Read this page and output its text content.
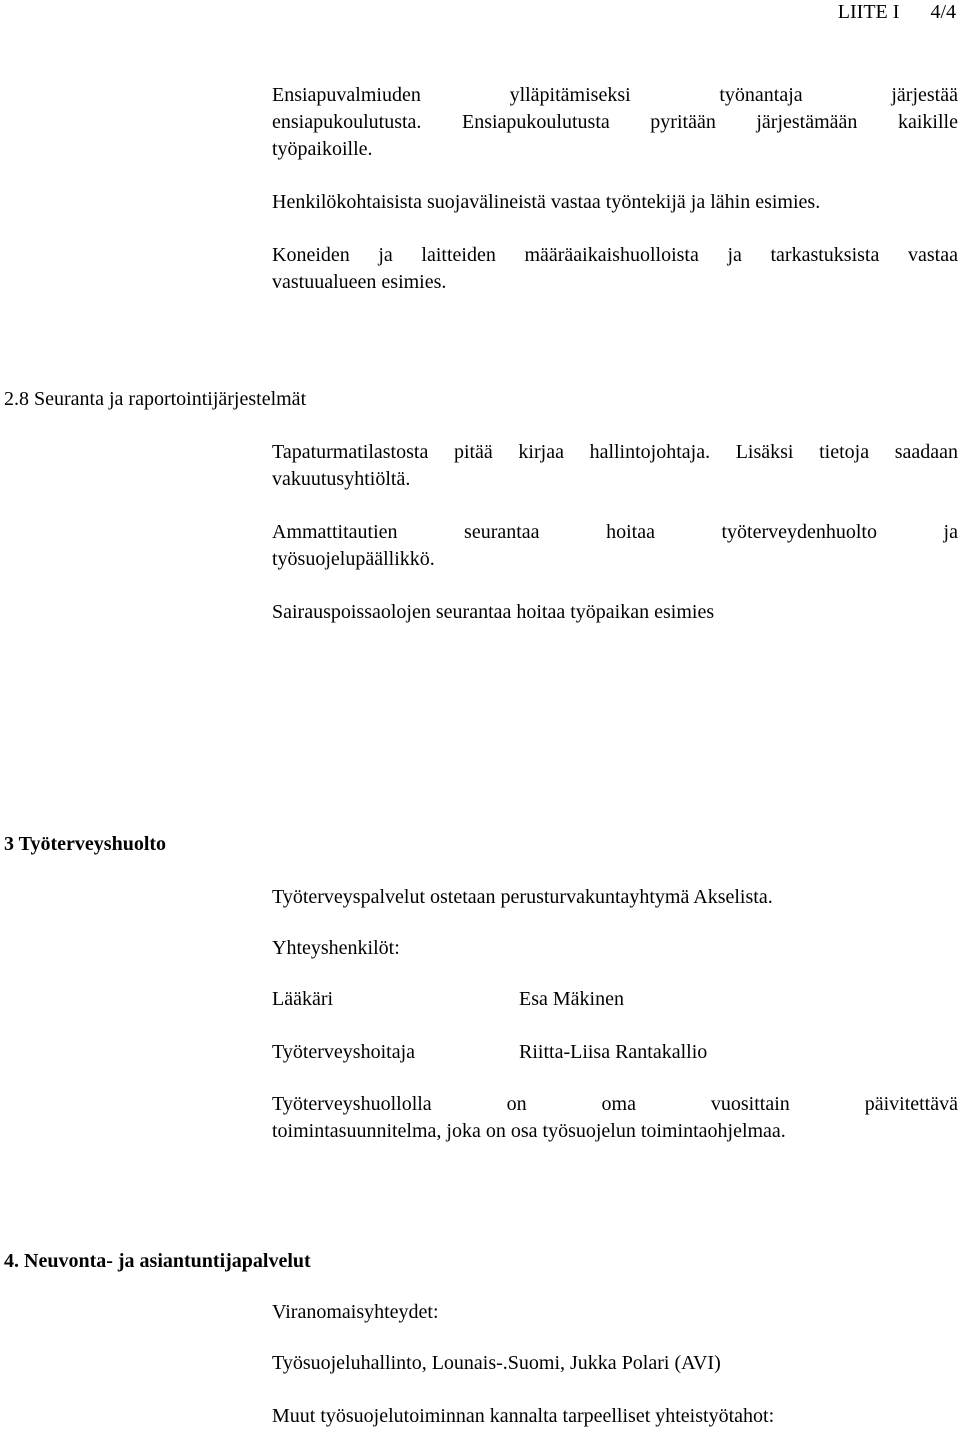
LIITE I 4/4
Ensiapuvalmiuden	ylläpitämiseksi	työnantaja	järjestää
ensiapukoulutusta. Ensiapukoulutusta pyritään järjestämään kaikille
työpaikoille.
Henkilökohtaisista suojavälineistä vastaa työntekijä ja lähin esimies.
Koneiden ja laitteiden määräaikaishuolloista ja tarkastuksista vastaa
vastuualueen esimies.
2.8 Seuranta ja raportointijärjestelmät
Tapaturmatilastosta pitää kirjaa hallintojohtaja. Lisäksi tietoja saadaan
vakuutusyhtiöltä.
Ammattitautien	seurantaa	hoitaa	työterveydenhuolto	ja
työsuojelupäällikkö.
Sairauspoissaolojen seurantaa hoitaa työpaikan esimies
3 Työterveyshuolto
Työterveyspalvelut ostetaan perusturvakuntayhtymä Akselista.
Yhteyshenkilöt:
Lääkäri	Esa Mäkinen
Työterveyshoitaja	Riitta-Liisa Rantakallio
Työterveyshuollolla	on	oma	vuosittain	päivitettävä
toimintasuunnitelma, joka on osa työsuojelun toimintaohjelmaa.
4. Neuvonta- ja asiantuntijapalvelut
Viranomaisyhteydet:
Työsuojeluhallinto, Lounais-.Suomi, Jukka Polari (AVI)
Muut työsuojelutoiminnan kannalta tarpeelliset yhteistyötahot:
